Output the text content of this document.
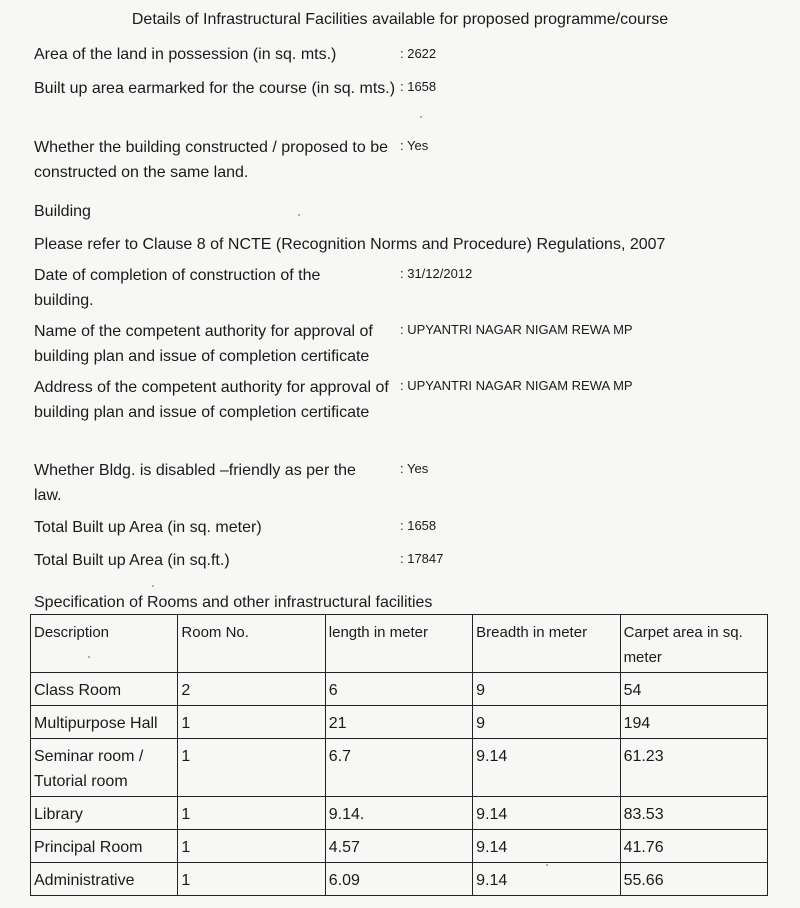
Details of Infrastructural Facilities available for proposed programme/course
Area of the land in possession (in sq. mts.)	: 2622
Built up area earmarked for the course (in sq. mts.) : 1658
Whether the building constructed / proposed to be constructed on the same land.
: Yes
Building
Please refer to Clause 8 of NCTE (Recognition Norms and Procedure) Regulations, 2007
Date of completion of construction of the building.
: 31/12/2012
Name of the competent authority for approval of building plan and issue of completion certificate
: UPYANTRI NAGAR NIGAM REWA MP
Address of the competent authority for approval of building plan and issue of completion certificate
: UPYANTRI NAGAR NIGAM REWA MP
Whether Bldg. is disabled –friendly as per the law.
: Yes
Total Built up Area (in sq. meter)	: 1658
Total Built up Area (in sq.ft.)	: 17847
Specification of Rooms and other infrastructural facilities
Description	Room No.	length in meter	Breadth in meter	Carpet area in sq. meter
Class Room	2	6	9	54
Multipurpose Hall	1	21	9	194
Seminar room / Tutorial room	1	6.7	9.14	61.23
Library	1	9.14.	9.14	83.53
Principal Room	1	4.57	9.14	41.76
Administrative	1	6.09	9.14	55.66
